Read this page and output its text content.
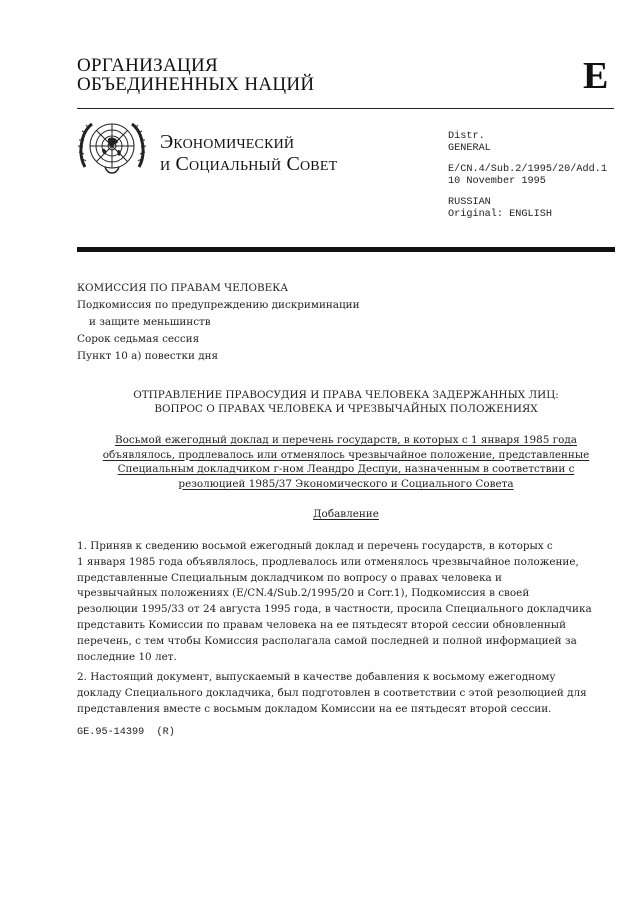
ОРГАНИЗАЦИЯ
ОБЪЕДИНЕННЫХ НАЦИЙ	E
Экономический
и Социальный Совет
Distr.
GENERAL
E/CN.4/Sub.2/1995/20/Add.1
10 November 1995
RUSSIAN
Original: ENGLISH
КОМИССИЯ ПО ПРАВАМ ЧЕЛОВЕКА
Подкомиссия по предупреждению дискриминации
и защите меньшинств
Сорок седьмая сессия
Пункт 10 а) повестки дня
ОТПРАВЛЕНИЕ ПРАВОСУДИЯ И ПРАВА ЧЕЛОВЕКА ЗАДЕРЖАННЫХ ЛИЦ:
ВОПРОС О ПРАВАХ ЧЕЛОВЕКА И ЧРЕЗВЫЧАЙНЫХ ПОЛОЖЕНИЯХ
Восьмой ежегодный доклад и перечень государств, в которых с 1 января 1985 года
объявлялось, продлевалось или отменялось чрезвычайное положение, представленные
Специальным докладчиком г-ном Леандро Деспуи, назначенным в соответствии с
резолюцией 1985/37 Экономического и Социального Совета
Добавление
1. Приняв к сведению восьмой ежегодный доклад и перечень государств, в которых с
1 января 1985 года объявлялось, продлевалось или отменялось чрезвычайное положение,
представленные Специальным докладчиком по вопросу о правах человека и
чрезвычайных положениях (E/CN.4/Sub.2/1995/20 и Corr.1), Подкомиссия в своей
резолюции 1995/33 от 24 августа 1995 года, в частности, просила Специального докладчика
представить Комиссии по правам человека на ее пятьдесят второй сессии обновленный
перечень, с тем чтобы Комиссия располагала самой последней и полной информацией за
последние 10 лет.
2. Настоящий документ, выпускаемый в качестве добавления к восьмому ежегодному
докладу Специального докладчика, был подготовлен в соответствии с этой резолюцией для
представления вместе с восьмым докладом Комиссии на ее пятьдесят второй сессии.
GE.95-14399  (R)
